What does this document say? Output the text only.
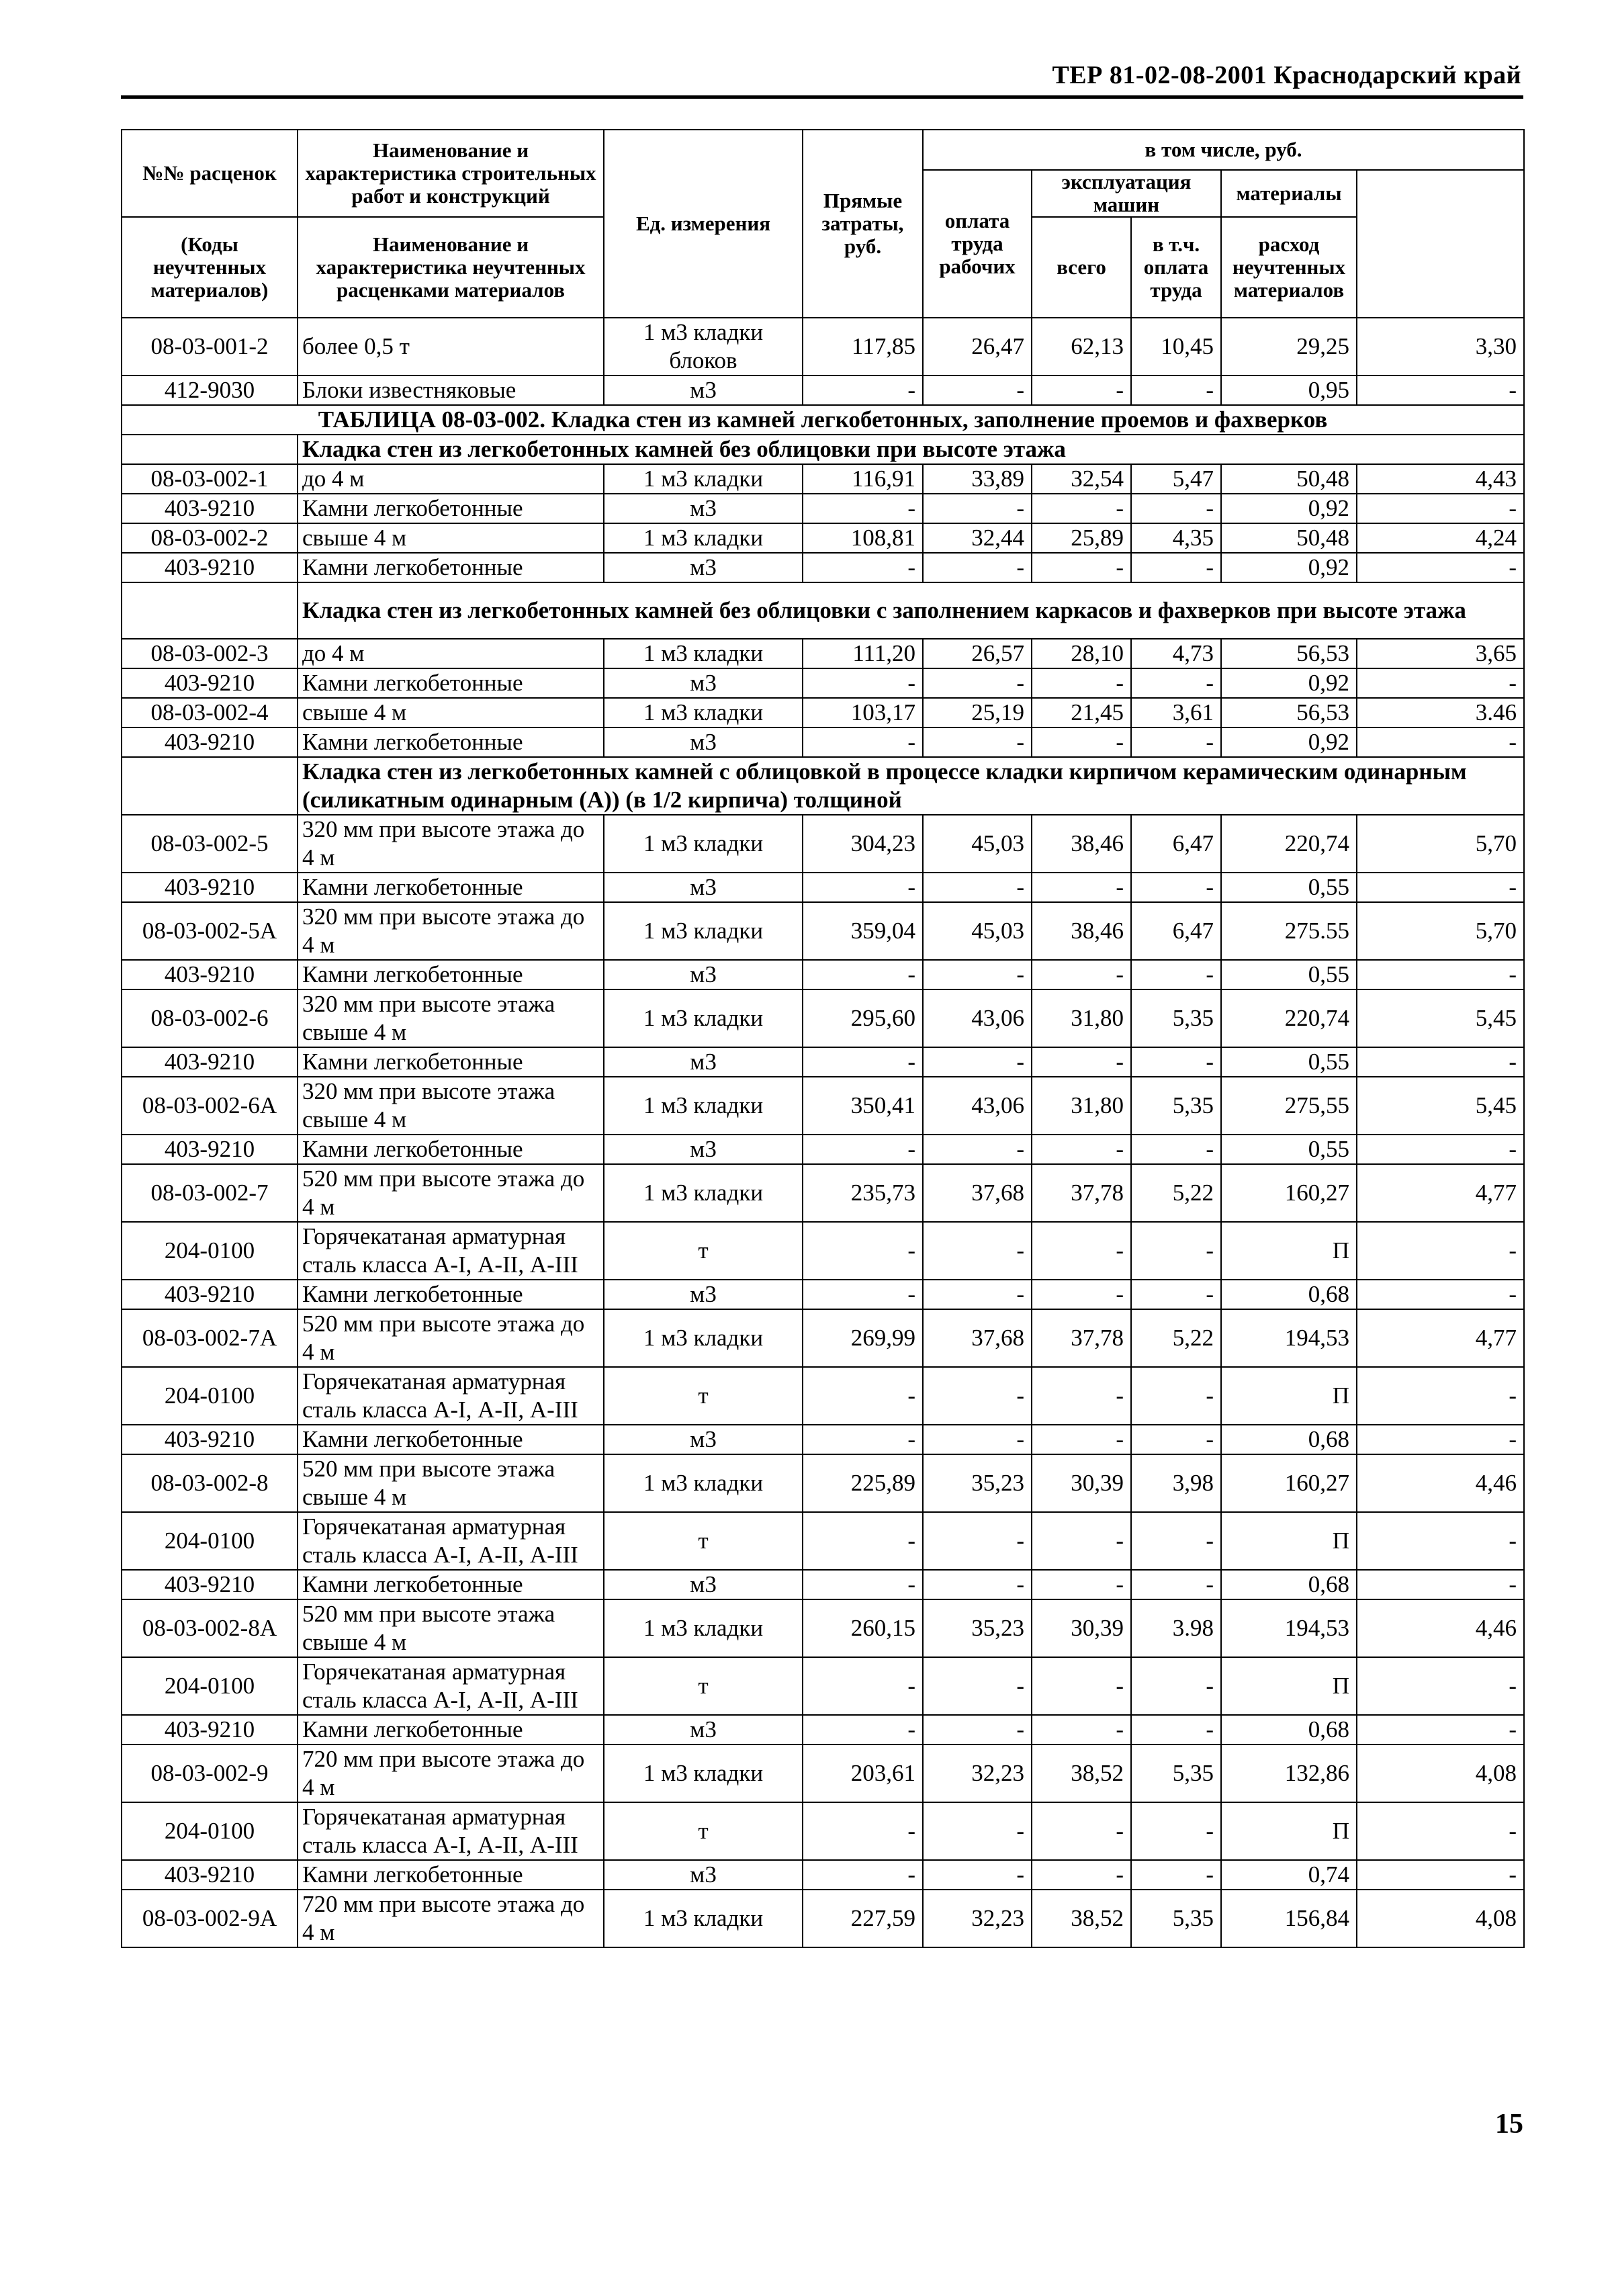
ТЕР 81-02-08-2001 Краснодарский край
№№ расценок	Наименование и характеристика строительных работ и конструкций	Ед. измерения	Прямые затраты, руб.	в том числе, руб.	
				оплата труда рабочих	эксплуатация машин		материалы		
(Коды неучтенных материалов)	Наименование и характеристика неучтенных расценками материалов				всего	в т.ч. оплата труда	расход неучтенных материалов		

08-03-001-2	более 0,5 т	1 м3 кладки блоков	117,85	26,47	62,13	10,45	29,25	3,30	
412-9030	Блоки известняковые	м3	-	-	-	-	0,95	-	
ТАБЛИЦА 08-03-002. Кладка стен из камней легкобетонных, заполнение проемов и фахверков									
	Кладка стен из легкобетонных камней без облицовки при высоте этажа								
08-03-002-1	до 4 м	1 м3 кладки	116,91	33,89	32,54	5,47	50,48	4,43	
403-9210	Камни легкобетонные	м3	-	-	-	-	0,92	-	
08-03-002-2	свыше 4 м	1 м3 кладки	108,81	32,44	25,89	4,35	50,48	4,24	
403-9210	Камни легкобетонные	м3	-	-	-	-	0,92	-	
	Кладка стен из легкобетонных камней без облицовки с заполнением каркасов и фахверков при высоте этажа								
08-03-002-3	до 4 м	1 м3 кладки	111,20	26,57	28,10	4,73	56,53	3,65	
403-9210	Камни легкобетонные	м3	-	-	-	-	0,92	-	
08-03-002-4	свыше 4 м	1 м3 кладки	103,17	25,19	21,45	3,61	56,53	3.46	
403-9210	Камни легкобетонные	м3	-	-	-	-	0,92	-	
	Кладка стен из легкобетонных камней с облицовкой в процессе кладки кирпичом керамическим одинарным (силикатным одинарным (А)) (в 1/2 кирпича) толщиной								
08-03-002-5	320 мм при высоте этажа до 4 м	1 м3 кладки	304,23	45,03	38,46	6,47	220,74	5,70	
403-9210	Камни легкобетонные	м3	-	-	-	-	0,55	-	
08-03-002-5А	320 мм при высоте этажа до 4 м	1 м3 кладки	359,04	45,03	38,46	6,47	275.55	5,70	
403-9210	Камни легкобетонные	м3	-	-	-	-	0,55	-	
08-03-002-6	320 мм при высоте этажа свыше 4 м	1 м3 кладки	295,60	43,06	31,80	5,35	220,74	5,45	
403-9210	Камни легкобетонные	м3	-	-	-	-	0,55	-	
08-03-002-6А	320 мм при высоте этажа свыше 4 м	1 м3 кладки	350,41	43,06	31,80	5,35	275,55	5,45	
403-9210	Камни легкобетонные	м3	-	-	-	-	0,55	-	
08-03-002-7	520 мм при высоте этажа до 4 м	1 м3 кладки	235,73	37,68	37,78	5,22	160,27	4,77	
204-0100	Горячекатаная арматурная сталь класса А-I, А-II, А-III	т	-	-	-	-	П	-	
403-9210	Камни легкобетонные	м3	-	-	-	-	0,68	-	
08-03-002-7А	520 мм при высоте этажа до 4 м	1 м3 кладки	269,99	37,68	37,78	5,22	194,53	4,77	
204-0100	Горячекатаная арматурная сталь класса А-I, А-II, А-III	т	-	-	-	-	П	-	
403-9210	Камни легкобетонные	м3	-	-	-	-	0,68	-	
08-03-002-8	520 мм при высоте этажа свыше 4 м	1 м3 кладки	225,89	35,23	30,39	3,98	160,27	4,46	
204-0100	Горячекатаная арматурная сталь класса А-I, А-II, А-III	т	-	-	-	-	П	-	
403-9210	Камни легкобетонные	м3	-	-	-	-	0,68	-	
08-03-002-8А	520 мм при высоте этажа свыше 4 м	1 м3 кладки	260,15	35,23	30,39	3.98	194,53	4,46	
204-0100	Горячекатаная арматурная сталь класса А-I, А-II, А-III	т	-	-	-	-	П	-	
403-9210	Камни легкобетонные	м3	-	-	-	-	0,68	-	
08-03-002-9	720 мм при высоте этажа до 4 м	1 м3 кладки	203,61	32,23	38,52	5,35	132,86	4,08	
204-0100	Горячекатаная арматурная сталь класса А-I, А-II, А-III	т	-	-	-	-	П	-	
403-9210	Камни легкобетонные	м3	-	-	-	-	0,74	-	
08-03-002-9А	720 мм при высоте этажа до 4 м	1 м3 кладки	227,59	32,23	38,52	5,35	156,84	4,08	
15
